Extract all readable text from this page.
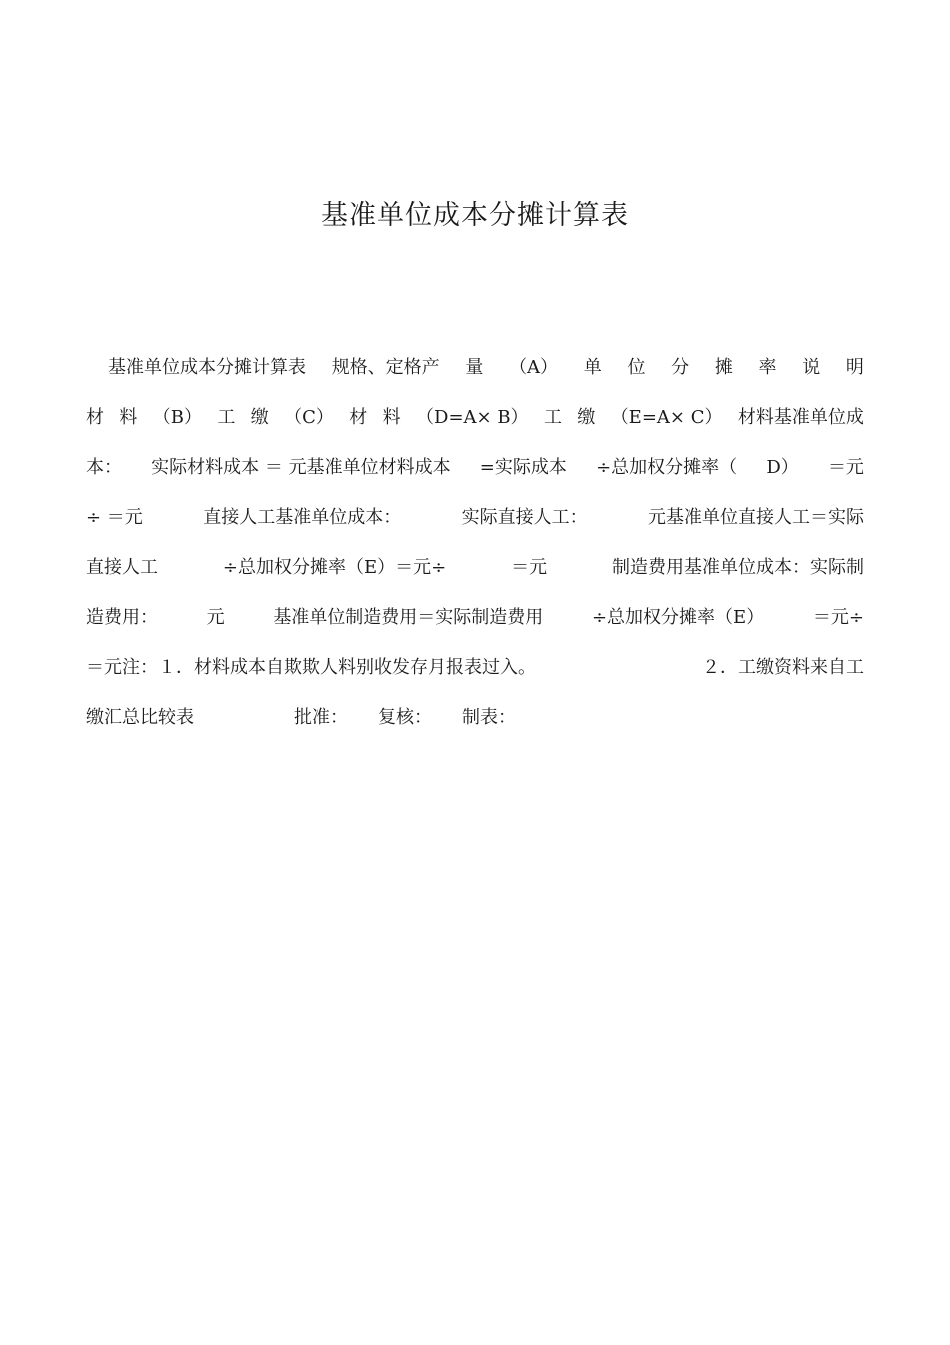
基准单位成本分摊计算表
基准单位成本分摊计算表 规格、定格产 量 （A） 单 位 分 摊 率 说 明
材 料 （B） 工 缴 （C） 材 料 （D=A× B） 工 缴 （E=A× C） 材料基准单位成
本： 实际材料成本 ＝ 元基准单位材料成本 =实际成本 ÷总加权分摊率（ D） ＝元
÷ ＝元	直接人工基准单位成本：	实际直接人工：	元基准单位直接人工＝实际
直接人工	÷总加权分摊率（E）＝元÷	＝元	制造费用基准单位成本：实际制
造费用：	元	基准单位制造费用＝实际制造费用	÷总加权分摊率（E）	＝元÷
＝元注：１．材料成本自欺欺人料别收发存月报表过入。	２．工缴资料来自工
缴汇总比较表	批准： 复核： 制表：
